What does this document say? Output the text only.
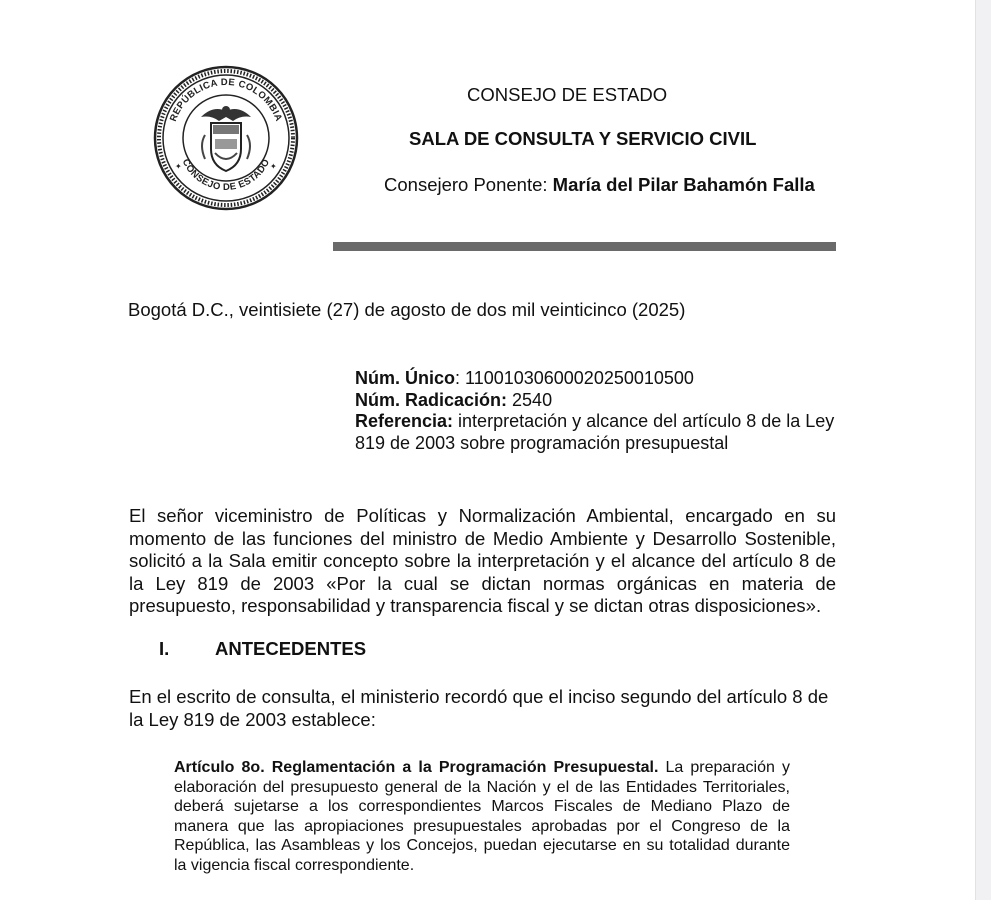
REPÚBLICA DE COLOMBIA
CONSEJO DE ESTADO
✦	✦
CONSEJO DE ESTADO
SALA DE CONSULTA Y SERVICIO CIVIL
Consejero Ponente: María del Pilar Bahamón Falla
Bogotá D.C., veintisiete (27) de agosto de dos mil veinticinco (2025)
Núm. Único: 11001030600020250010500
Núm. Radicación: 2540
Referencia: interpretación y alcance del artículo 8 de la Ley 819 de 2003 sobre programación presupuestal
El señor viceministro de Políticas y Normalización Ambiental, encargado en su momento de las funciones del ministro de Medio Ambiente y Desarrollo Sostenible, solicitó a la Sala emitir concepto sobre la interpretación y el alcance del artículo 8 de la Ley 819 de 2003 «Por la cual se dictan normas orgánicas en materia de presupuesto, responsabilidad y transparencia fiscal y se dictan otras disposiciones».
I. ANTECEDENTES
En el escrito de consulta, el ministerio recordó que el inciso segundo del artículo 8 de la Ley 819 de 2003 establece:
Artículo 8o. Reglamentación a la Programación Presupuestal. La preparación y elaboración del presupuesto general de la Nación y el de las Entidades Territoriales, deberá sujetarse a los correspondientes Marcos Fiscales de Mediano Plazo de manera que las apropiaciones presupuestales aprobadas por el Congreso de la República, las Asambleas y los Concejos, puedan ejecutarse en su totalidad durante la vigencia fiscal correspondiente.
